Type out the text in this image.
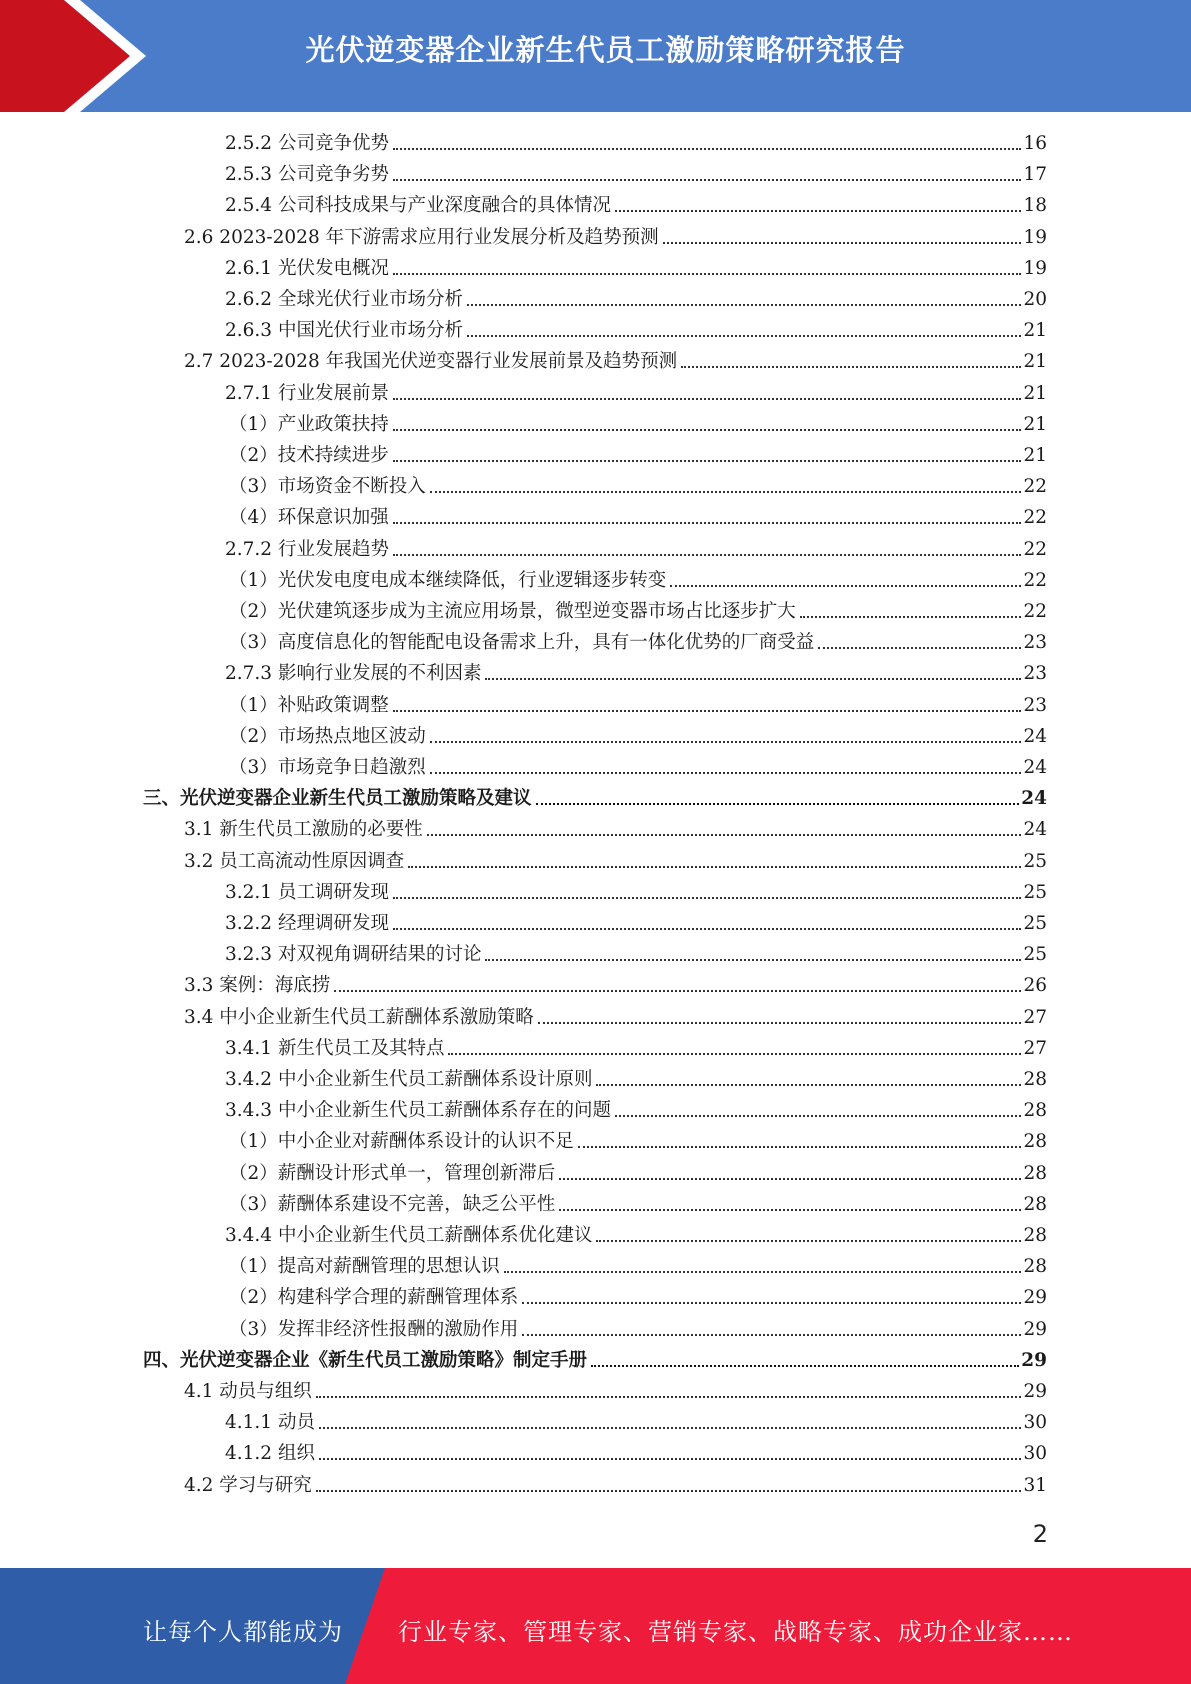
光伏逆变器企业新生代员工激励策略研究报告
2.5.2 公司竞争优势	16
2.5.3 公司竞争劣势	17
2.5.4 公司科技成果与产业深度融合的具体情况	18
2.6 2023-2028 年下游需求应用行业发展分析及趋势预测	19
2.6.1 光伏发电概况	19
2.6.2 全球光伏行业市场分析	20
2.6.3 中国光伏行业市场分析	21
2.7 2023-2028 年我国光伏逆变器行业发展前景及趋势预测	21
2.7.1 行业发展前景	21
（1）产业政策扶持	21
（2）技术持续进步	21
（3）市场资金不断投入	22
（4）环保意识加强	22
2.7.2 行业发展趋势	22
（1）光伏发电度电成本继续降低，行业逻辑逐步转变	22
（2）光伏建筑逐步成为主流应用场景，微型逆变器市场占比逐步扩大	22
（3）高度信息化的智能配电设备需求上升，具有一体化优势的厂商受益	23
2.7.3 影响行业发展的不利因素	23
（1）补贴政策调整	23
（2）市场热点地区波动	24
（3）市场竞争日趋激烈	24
三、光伏逆变器企业新生代员工激励策略及建议	24
3.1 新生代员工激励的必要性	24
3.2 员工高流动性原因调查	25
3.2.1 员工调研发现	25
3.2.2 经理调研发现	25
3.2.3 对双视角调研结果的讨论	25
3.3 案例：海底捞	26
3.4 中小企业新生代员工薪酬体系激励策略	27
3.4.1 新生代员工及其特点	27
3.4.2 中小企业新生代员工薪酬体系设计原则	28
3.4.3 中小企业新生代员工薪酬体系存在的问题	28
（1）中小企业对薪酬体系设计的认识不足	28
（2）薪酬设计形式单一，管理创新滞后	28
（3）薪酬体系建设不完善，缺乏公平性	28
3.4.4 中小企业新生代员工薪酬体系优化建议	28
（1）提高对薪酬管理的思想认识	28
（2）构建科学合理的薪酬管理体系	29
（3）发挥非经济性报酬的激励作用	29
四、光伏逆变器企业《新生代员工激励策略》制定手册	29
4.1 动员与组织	29
4.1.1 动员	30
4.1.2 组织	30
4.2 学习与研究	31
2
让每个人都能成为 行业专家、管理专家、营销专家、战略专家、成功企业家……
